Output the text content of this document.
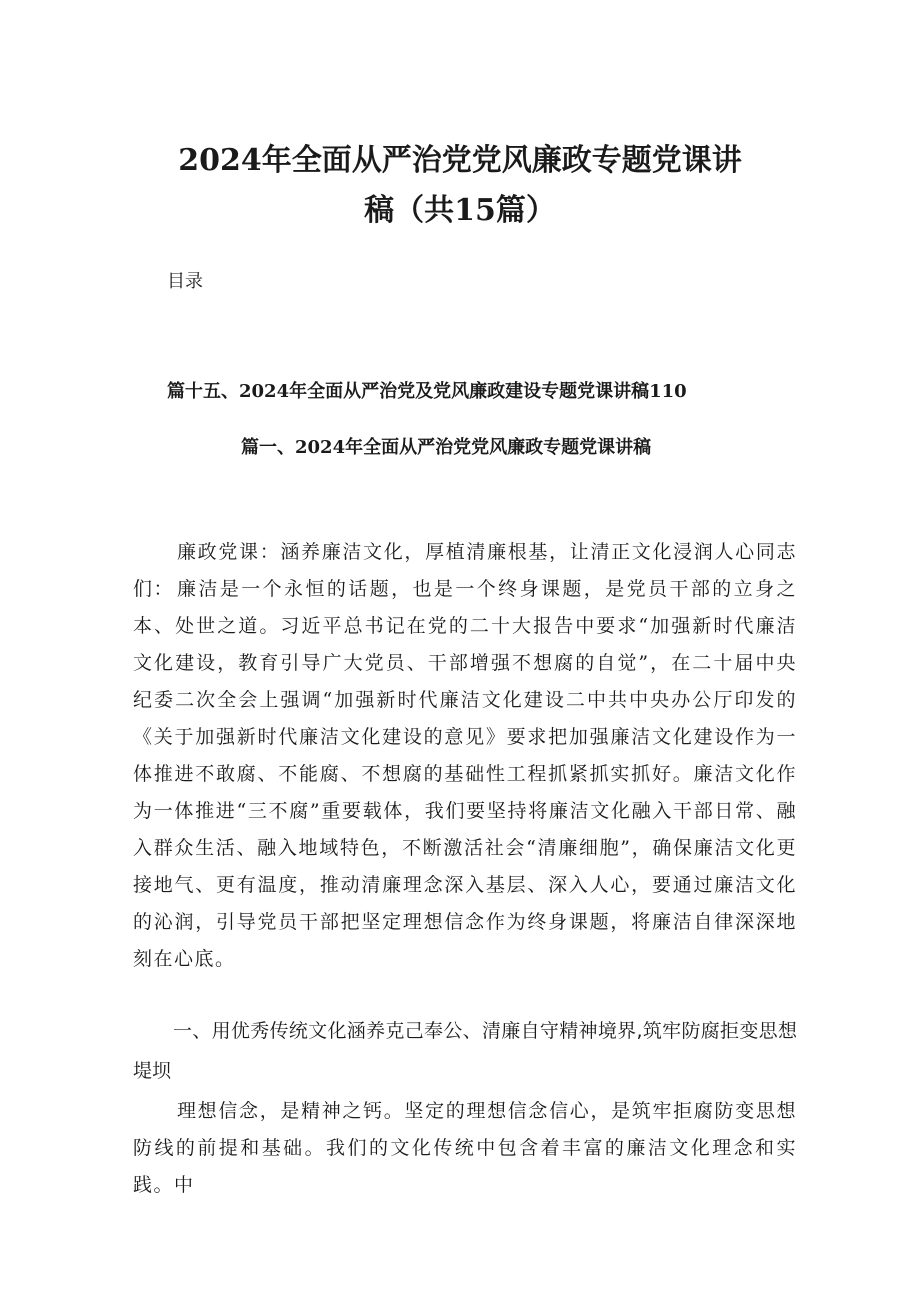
2024年全面从严治党党风廉政专题党课讲
稿（共15篇）
目录
篇十五、2024年全面从严治党及党风廉政建设专题党课讲稿110
篇一、2024年全面从严治党党风廉政专题党课讲稿
廉政党课：涵养廉洁文化，厚植清廉根基，让清正文化浸润人心同志们： 廉洁是一个永恒的话题，也是一个终身课题，是党员干部的立身之本、处世之道。习近平总书记在党的二十大报告中要求“加强新时代廉洁文化建设，教育引导广大党员、干部增强不想腐的自觉”，在二十届中央纪委二次全会上强调“加强新时代廉洁文化建设二中共中央办公厅印发的《关于加强新时代廉洁文化建设的意见》要求把加强廉洁文化建设作为一体推进不敢腐、不能腐、不想腐的基础性工程抓紧抓实抓好。廉洁文化作为一体推进“三不腐”重要载体，我们要坚持将廉洁文化融入干部日常、融入群众生活、融入地域特色，不断激活社会“清廉细胞”，确保廉洁文化更接地气、更有温度，推动清廉理念深入基层、深入人心，要通过廉洁文化的沁润，引导党员干部把坚定理想信念作为终身课题，将廉洁自律深深地刻在心底。
一、用优秀传统文化涵养克己奉公、清廉自守精神境界,筑牢防腐拒变思想堤坝
理想信念，是精神之钙。坚定的理想信念信心，是筑牢拒腐防变思想防线的前提和基础。我们的文化传统中包含着丰富的廉洁文化理念和实践。中
